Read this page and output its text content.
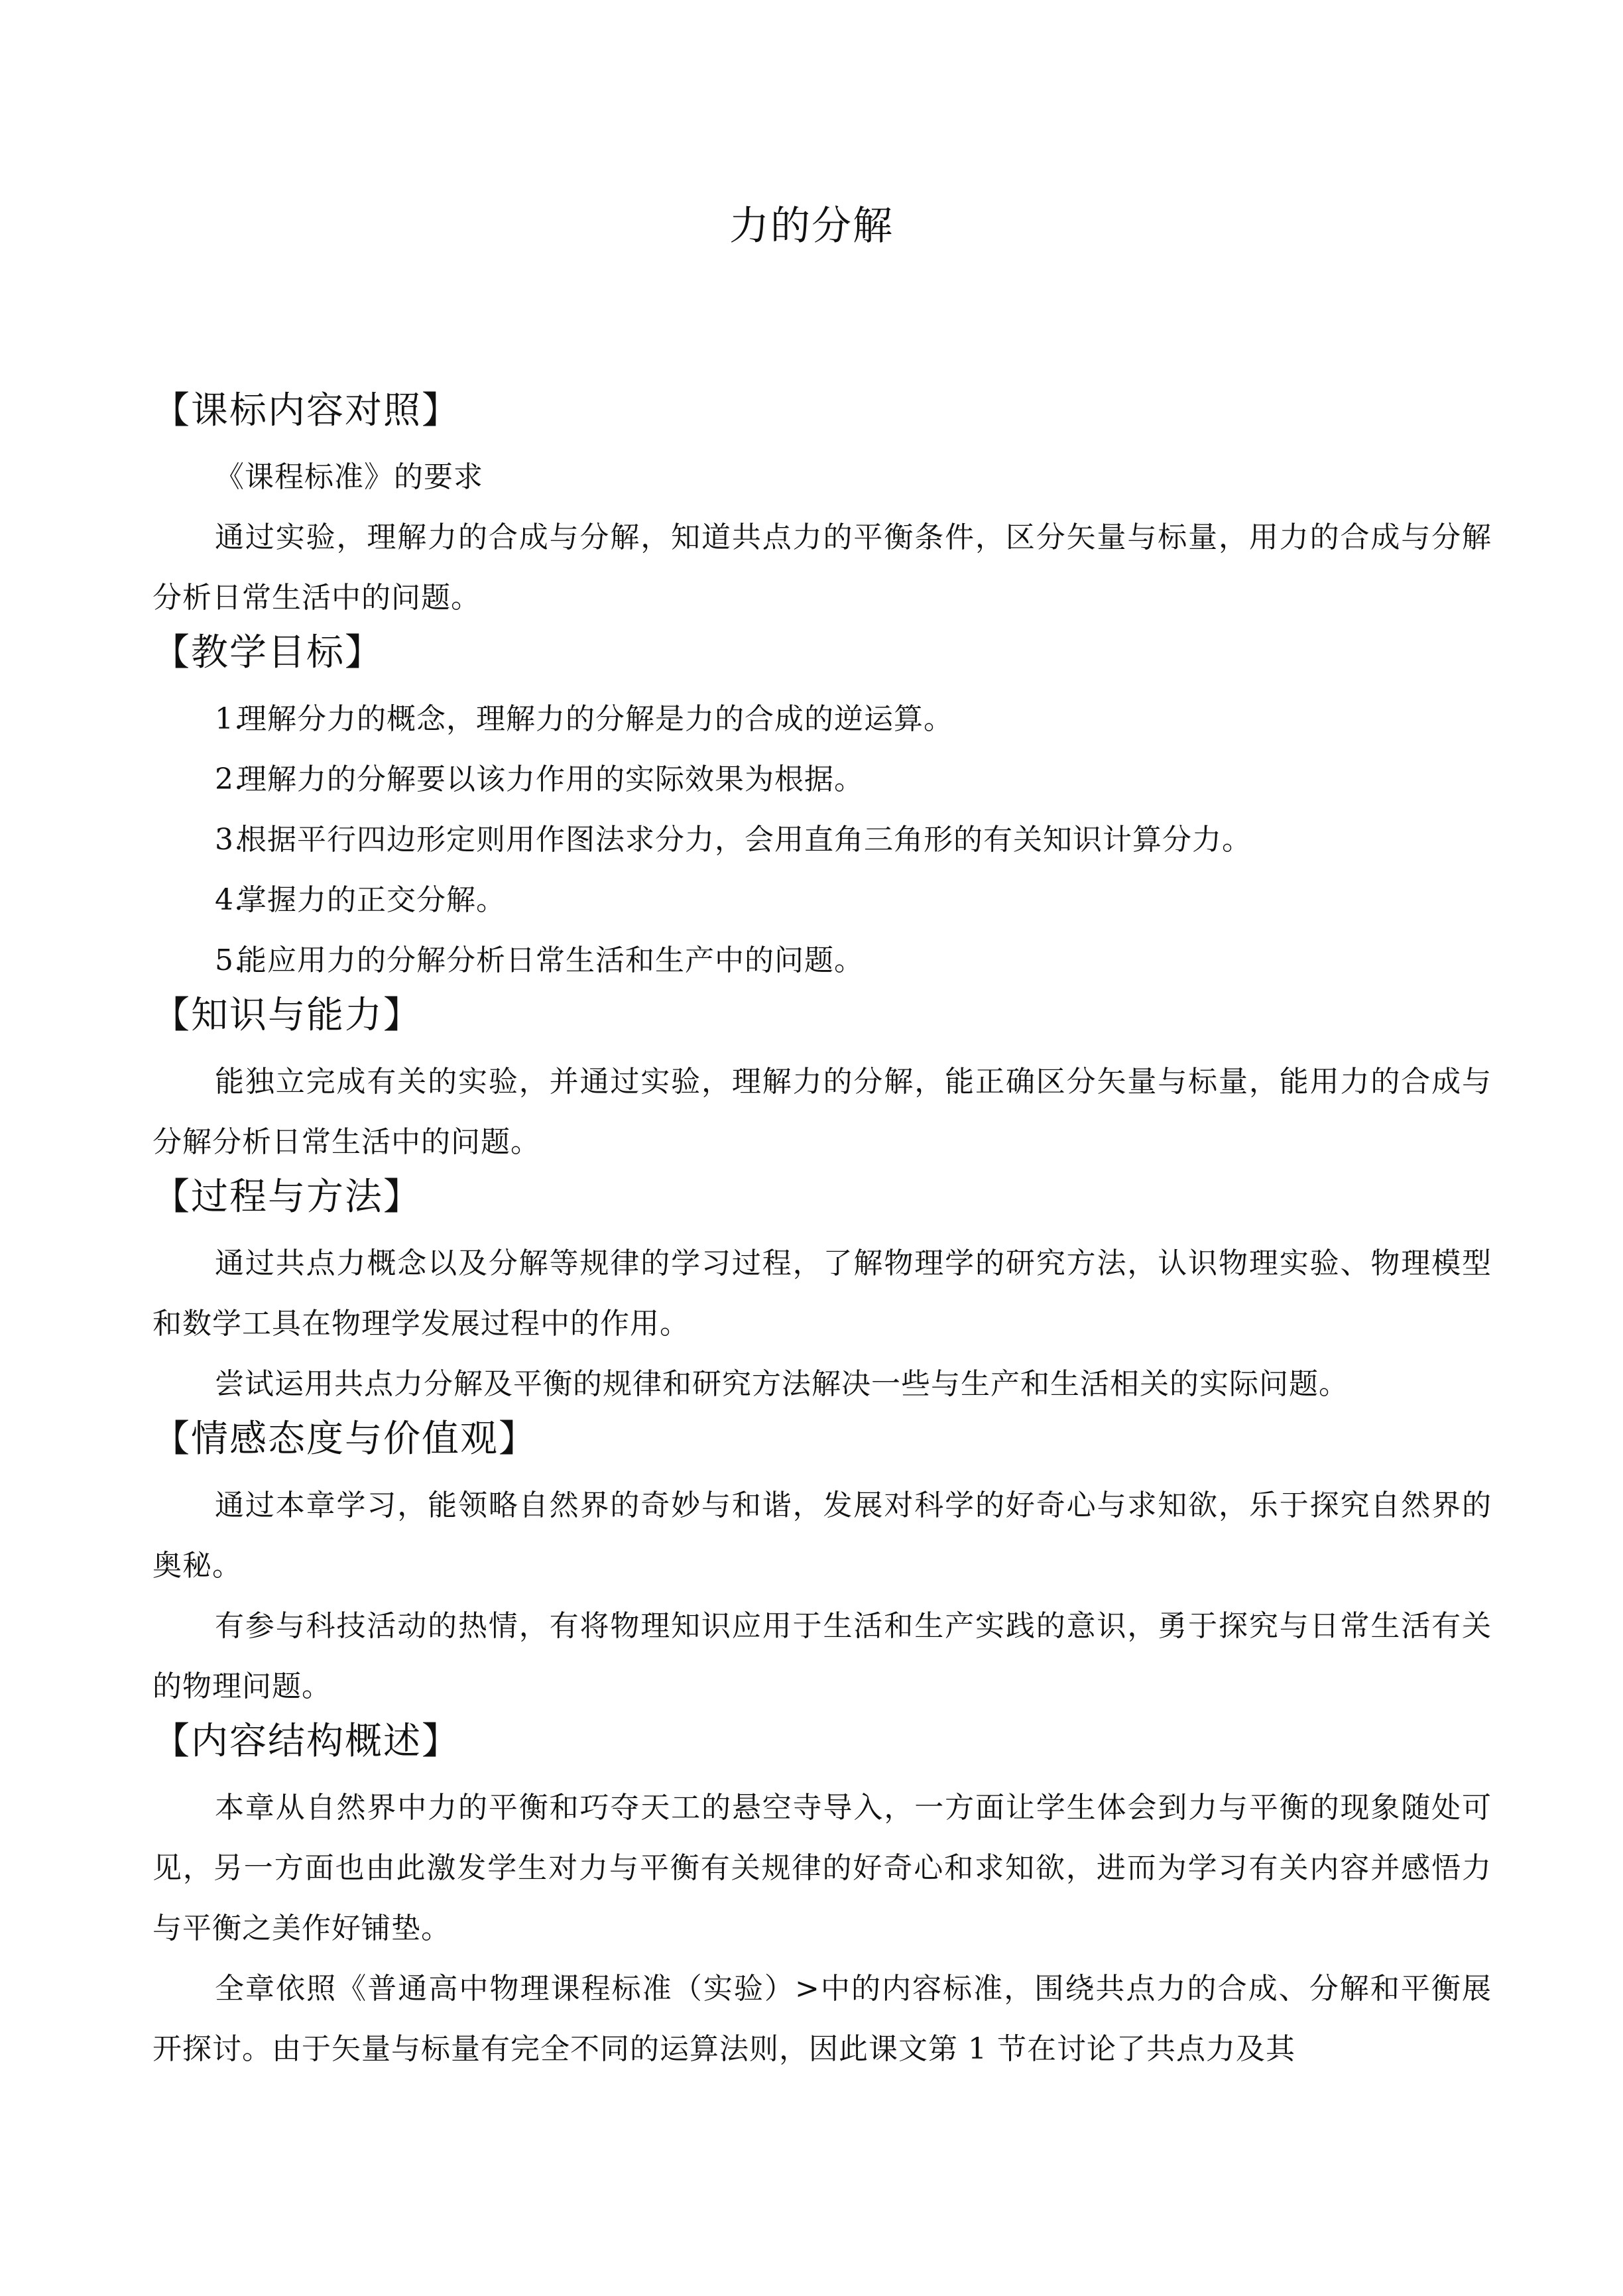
力的分解
【课标内容对照】

《课程标准》的要求

通过实验，理解力的合成与分解，知道共点力的平衡条件，区分矢量与标量，用力的合成与分解分析日常生活中的问题。

【教学目标】

1.理解分力的概念，理解力的分解是力的合成的逆运算。

2.理解力的分解要以该力作用的实际效果为根据。

3.根据平行四边形定则用作图法求分力，会用直角三角形的有关知识计算分力。

4.掌握力的正交分解。

5.能应用力的分解分析日常生活和生产中的问题。

【知识与能力】

能独立完成有关的实验，并通过实验，理解力的分解，能正确区分矢量与标量，能用力的合成与分解分析日常生活中的问题。

【过程与方法】

通过共点力概念以及分解等规律的学习过程，了解物理学的研究方法，认识物理实验、物理模型和数学工具在物理学发展过程中的作用。

尝试运用共点力分解及平衡的规律和研究方法解决一些与生产和生活相关的实际问题。

【情感态度与价值观】

通过本章学习，能领略自然界的奇妙与和谐，发展对科学的好奇心与求知欲，乐于探究自然界的奥秘。

有参与科技活动的热情，有将物理知识应用于生活和生产实践的意识，勇于探究与日常生活有关的物理问题。

【内容结构概述】

本章从自然界中力的平衡和巧夺天工的悬空寺导入，一方面让学生体会到力与平衡的现象随处可见，另一方面也由此激发学生对力与平衡有关规律的好奇心和求知欲，进而为学习有关内容并感悟力与平衡之美作好铺垫。

全章依照《普通高中物理课程标准（实验）>中的内容标准，围绕共点力的合成、分解和平衡展开探讨。由于矢量与标量有完全不同的运算法则，因此课文第 1 节在讨论了共点力及其
